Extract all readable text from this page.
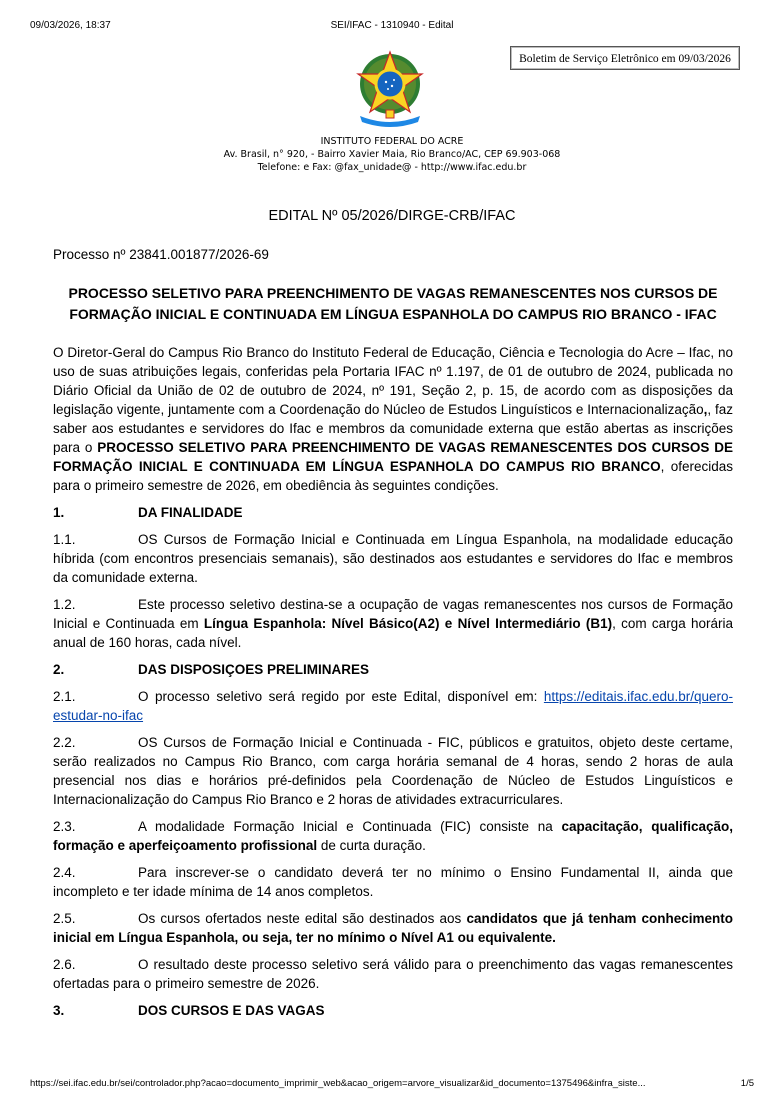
09/03/2026, 18:37	SEI/IFAC - 1310940 - Edital
Boletim de Serviço Eletrônico em 09/03/2026
INSTITUTO FEDERAL DO ACRE
Av. Brasil, n° 920, - Bairro Xavier Maia, Rio Branco/AC, CEP 69.903-068
Telefone: e Fax: @fax_unidade@ - http://www.ifac.edu.br
EDITAL Nº 05/2026/DIRGE-CRB/IFAC
Processo nº 23841.001877/2026-69
PROCESSO SELETIVO PARA PREENCHIMENTO DE VAGAS REMANESCENTES NOS CURSOS DE FORMAÇÃO INICIAL E CONTINUADA EM LÍNGUA ESPANHOLA DO CAMPUS RIO BRANCO - IFAC

O Diretor-Geral do Campus Rio Branco do Instituto Federal de Educação, Ciência e Tecnologia do Acre – Ifac, no uso de suas atribuições legais, conferidas pela Portaria IFAC nº 1.197, de 01 de outubro de 2024, publicada no Diário Oficial da União de 02 de outubro de 2024, nº 191, Seção 2, p. 15, de acordo com as disposições da legislação vigente, juntamente com a Coordenação do Núcleo de Estudos Linguísticos e Internacionalização,, faz saber aos estudantes e servidores do Ifac e membros da comunidade externa que estão abertas as inscrições para o PROCESSO SELETIVO PARA PREENCHIMENTO DE VAGAS REMANESCENTES DOS CURSOS DE FORMAÇÃO INICIAL E CONTINUADA EM LÍNGUA ESPANHOLA DO CAMPUS RIO BRANCO, oferecidas para o primeiro semestre de 2026, em obediência às seguintes condições.

1.	DA FINALIDADE

1.1.	OS Cursos de Formação Inicial e Continuada em Língua Espanhola, na modalidade educação híbrida (com encontros presenciais semanais), são destinados aos estudantes e servidores do Ifac e membros da comunidade externa.

1.2.	Este processo seletivo destina-se a ocupação de vagas remanescentes nos cursos de Formação Inicial e Continuada em Língua Espanhola: Nível Básico(A2) e Nível Intermediário (B1), com carga horária anual de 160 horas, cada nível.

2.	DAS DISPOSIÇOES PRELIMINARES

2.1.	O processo seletivo será regido por este Edital, disponível em: https://editais.ifac.edu.br/quero-estudar-no-ifac

2.2.	OS Cursos de Formação Inicial e Continuada - FIC, públicos e gratuitos, objeto deste certame, serão realizados no Campus Rio Branco, com carga horária semanal de 4 horas, sendo 2 horas de aula presencial nos dias e horários pré-definidos pela Coordenação de Núcleo de Estudos Linguísticos e Internacionalização do Campus Rio Branco e 2 horas de atividades extracurriculares.

2.3.	A modalidade Formação Inicial e Continuada (FIC) consiste na capacitação, qualificação, formação e aperfeiçoamento profissional de curta duração.

2.4.	Para inscrever-se o candidato deverá ter no mínimo o Ensino Fundamental II, ainda que incompleto e ter idade mínima de 14 anos completos.

2.5.	Os cursos ofertados neste edital são destinados aos candidatos que já tenham conhecimento inicial em Língua Espanhola, ou seja, ter no mínimo o Nível A1 ou equivalente.

2.6.	O resultado deste processo seletivo será válido para o preenchimento das vagas remanescentes ofertadas para o primeiro semestre de 2026.

3.	DOS CURSOS E DAS VAGAS

https://sei.ifac.edu.br/sei/controlador.php?acao=documento_imprimir_web&acao_origem=arvore_visualizar&id_documento=1375496&infra_siste...	1/5
